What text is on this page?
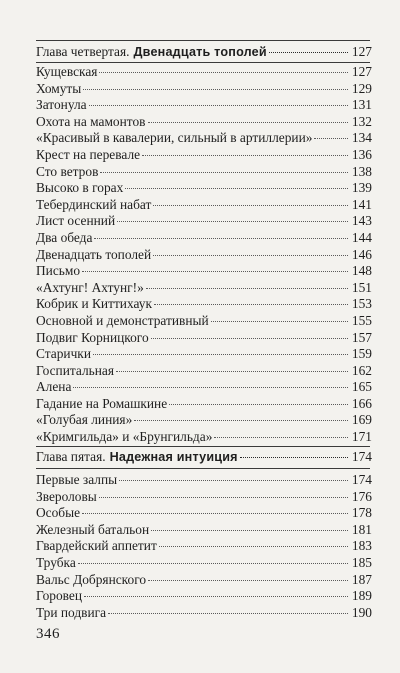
Глава четвертая. Двенадцать тополей	127
Кущевская	127
Хомуты	129
Затонула	131
Охота на мамонтов	132
«Красивый в кавалерии, сильный в артиллерии»	134
Крест на перевале	136
Сто ветров	138
Высоко в горах	139
Тебердинский набат	141
Лист осенний	143
Два обеда	144
Двенадцать тополей	146
Письмо	148
«Ахтунг! Ахтунг!»	151
Кобрик и Киттихаук	153
Основной и демонстративный	155
Подвиг Корницкого	157
Старички	159
Госпитальная	162
Алена	165
Гадание на Ромашкине	166
«Голубая линия»	169
«Кримгильда» и «Брунгильда»	171
Глава пятая. Надежная интуиция	174
Первые залпы	174
Звероловы	176
Особые	178
Железный батальон	181
Гвардейский аппетит	183
Трубка	185
Вальс Добрянского	187
Горовец	189
Три подвига	190
346
